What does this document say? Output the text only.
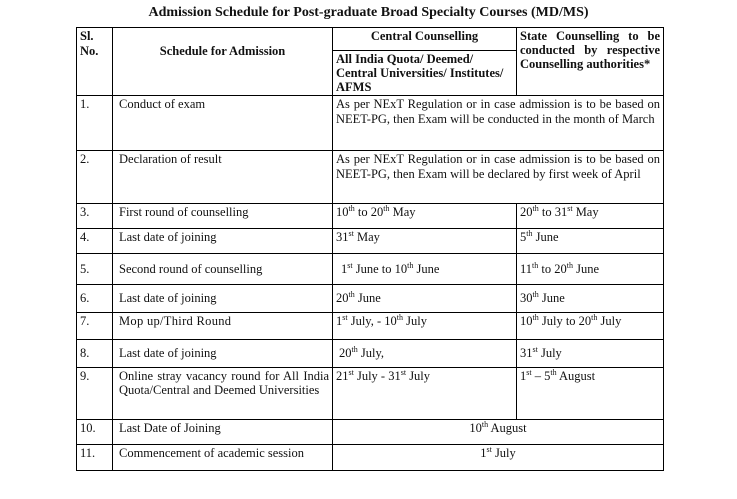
Admission Schedule for Post-graduate Broad Specialty Courses (MD/MS)
Sl. No.	Schedule for Admission	Central Counselling	State Counselling to be conducted by respective Counselling authorities*
		All India Quota/ Deemed/ Central Universities/ Institutes/ AFMS	
1.	Conduct of exam	As per NExT Regulation or in case admission is to be based on NEET-PG, then Exam will be conducted in the month of March	
2.	Declaration of result	As per NExT Regulation or in case admission is to be based on NEET-PG, then Exam will be declared by first week of April	
3.	First round of counselling	10th to 20th May	20th to 31st May
4.	Last date of joining	31st May	5th June
5.	Second round of counselling	1st June to 10th June	11th to 20th June
6.	Last date of joining	20th June	30th June
7.	Mop up/Third Round	1st July, - 10th July	10th July to 20th July
8.	Last date of joining	20th July,	31st July
9.	Online stray vacancy round for All India Quota/Central and Deemed Universities	21st July - 31st July	1st – 5th August
10.	Last Date of Joining	10th August	
11.	Commencement of academic session	1st July	
